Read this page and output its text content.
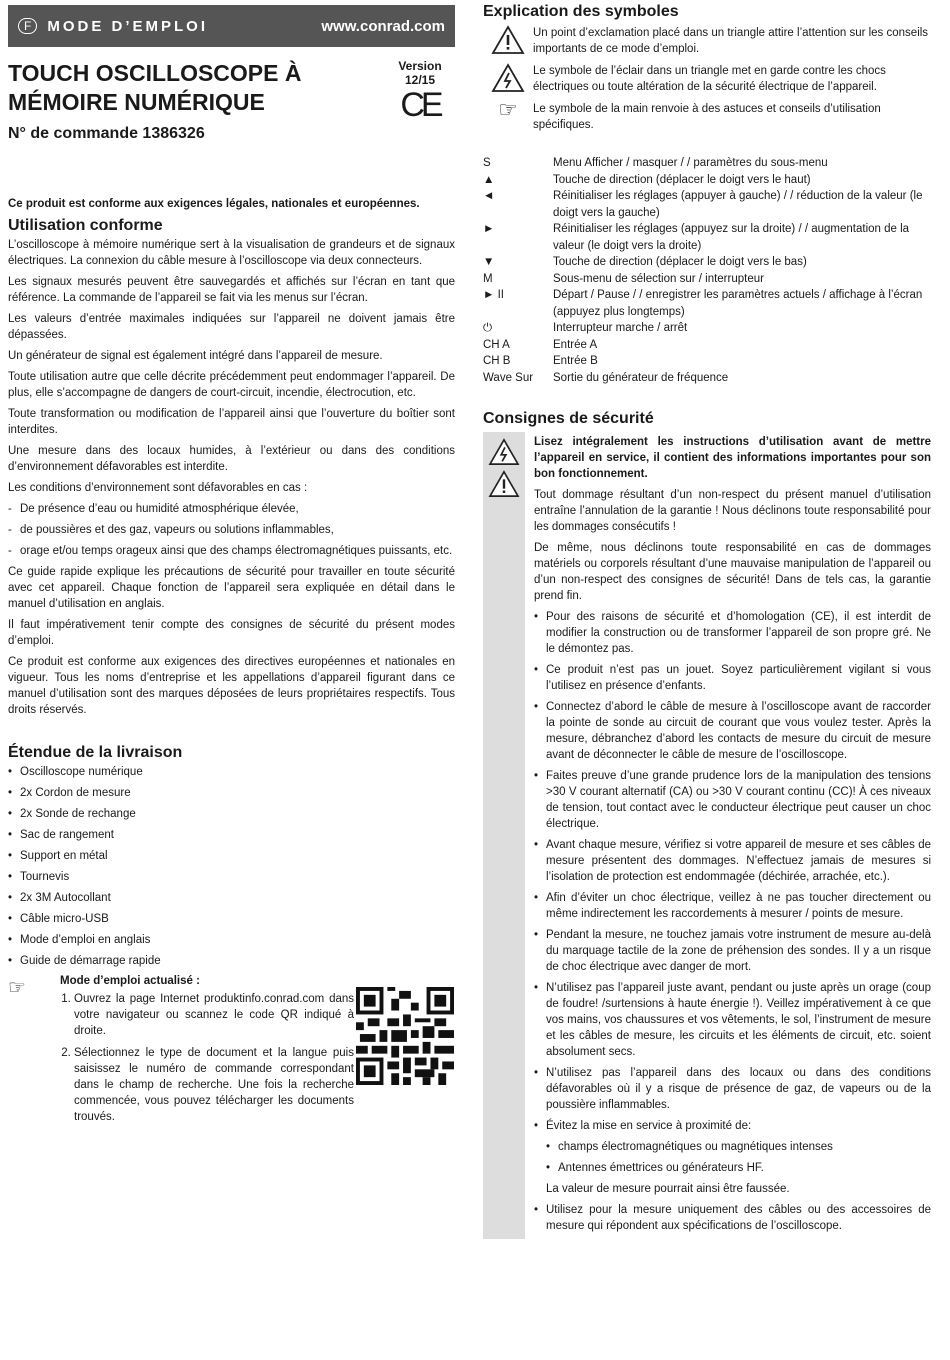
F	MODE D’EMPLOI	www.conrad.com
TOUCH OSCILLOSCOPE À
MÉMOIRE NUMÉRIQUE
Version 12/15
CE
N° de commande 1386326

Ce produit est conforme aux exigences légales, nationales et européennes.

Utilisation conforme

L’oscilloscope à mémoire numérique sert à la visualisation de grandeurs et de signaux électriques. La connexion du câble mesure à l’oscilloscope via deux connecteurs.

Les signaux mesurés peuvent être sauvegardés et affichés sur l’écran en tant que référence. La commande de l’appareil se fait via les menus sur l’écran.

Les valeurs d’entrée maximales indiquées sur l’appareil ne doivent jamais être dépassées.

Un générateur de signal est également intégré dans l’appareil de mesure.

Toute utilisation autre que celle décrite précédemment peut endommager l’appareil. De plus, elle s’accompagne de dangers de court-circuit, incendie, électrocution, etc.

Toute transformation ou modification de l’appareil ainsi que l’ouverture du boîtier sont interdites.

Une mesure dans des locaux humides, à l’extérieur ou dans des conditions d’environnement défavorables est interdite.

Les conditions d’environnement sont défavorables en cas :

- De présence d’eau ou humidité atmosphérique élevée,
- de poussières et des gaz, vapeurs ou solutions inflammables,
- orage et/ou temps orageux ainsi que des champs électromagnétiques puissants, etc.

Ce guide rapide explique les précautions de sécurité pour travailler en toute sécurité avec cet appareil. Chaque fonction de l’appareil sera expliquée en détail dans le manuel d’utilisation en anglais.

Il faut impérativement tenir compte des consignes de sécurité du présent modes d’emploi.

Ce produit est conforme aux exigences des directives européennes et nationales en vigueur. Tous les noms d’entreprise et les appellations d’appareil figurant dans ce manuel d’utilisation sont des marques déposées de leurs propriétaires respectifs. Tous droits réservés.

Étendue de la livraison
• Oscilloscope numérique
• 2x Cordon de mesure
• 2x Sonde de rechange
• Sac de rangement
• Support en métal
• Tournevis
• 2x 3M Autocollant
• Câble micro-USB
• Mode d’emploi en anglais
• Guide de démarrage rapide
☞	Mode d’emploi actualisé :
1. Ouvrez la page Internet produktinfo.conrad.com dans votre navigateur ou scannez le code QR indiqué à droite.
2. Sélectionnez le type de document et la langue puis saisissez le numéro de commande correspondant dans le champ de recherche. Une fois la recherche commencée, vous pouvez télécharger les documents trouvés.
Explication des symboles
Un point d’exclamation placé dans un triangle attire l’attention sur les conseils importants de ce mode d’emploi.
Le symbole de l’éclair dans un triangle met en garde contre les chocs électriques ou toute altération de la sécurité électrique de l’appareil.
☞	Le symbole de la main renvoie à des astuces et conseils d’utilisation spécifiques.
S	Menu Afficher / masquer / / paramètres du sous-menu
▲	Touche de direction (déplacer le doigt vers le haut)
◄	Réinitialiser les réglages (appuyer à gauche) / / réduction de la valeur (le doigt vers la gauche)
►	Réinitialiser les réglages (appuyez sur la droite) / / augmentation de la valeur (le doigt vers la droite)
▼	Touche de direction (déplacer le doigt vers le bas)
M	Sous-menu de sélection sur / interrupteur
► II	Départ / Pause / / enregistrer les paramètres actuels / affichage à l’écran (appuyez plus longtemps)
⏻	Interrupteur marche / arrêt
CH A	Entrée A
CH B	Entrée B
Wave Sur	Sortie du générateur de fréquence
Consignes de sécurité

Lisez intégralement les instructions d’utilisation avant de mettre l’appareil en service, il contient des informations importantes pour son bon fonctionnement.

Tout dommage résultant d’un non-respect du présent manuel d’utilisation entraîne l’annulation de la garantie ! Nous déclinons toute responsabilité pour les dommages consécutifs !

De même, nous déclinons toute responsabilité en cas de dommages matériels ou corporels résultant d’une mauvaise manipulation de l’appareil ou d’un non-respect des consignes de sécurité! Dans de tels cas, la garantie prend fin.

• Pour des raisons de sécurité et d’homologation (CE), il est interdit de modifier la construction ou de transformer l’appareil de son propre gré. Ne le démontez pas.
• Ce produit n’est pas un jouet. Soyez particulièrement vigilant si vous l’utilisez en présence d’enfants.
• Connectez d’abord le câble de mesure à l’oscilloscope avant de raccorder la pointe de sonde au circuit de courant que vous voulez tester. Après la mesure, débranchez d’abord les contacts de mesure du circuit de mesure avant de déconnecter le câble de mesure de l’oscilloscope.
• Faites preuve d’une grande prudence lors de la manipulation des tensions >30 V courant alternatif (CA) ou >30 V courant continu (CC)! À ces niveaux de tension, tout contact avec le conducteur électrique peut causer un choc électrique.
• Avant chaque mesure, vérifiez si votre appareil de mesure et ses câbles de mesure présentent des dommages. N’effectuez jamais de mesures si l’isolation de protection est endommagée (déchirée, arrachée, etc.).
• Afin d’éviter un choc électrique, veillez à ne pas toucher directement ou même indirectement les raccordements à mesurer / points de mesure.
• Pendant la mesure, ne touchez jamais votre instrument de mesure au-delà du marquage tactile de la zone de préhension des sondes. Il y a un risque de choc électrique avec danger de mort.
• N’utilisez pas l’appareil juste avant, pendant ou juste après un orage (coup de foudre! /surtensions à haute énergie !). Veillez impérativement à ce que vos mains, vos chaussures et vos vêtements, le sol, l’instrument de mesure et les câbles de mesure, les circuits et les éléments de circuit, etc. soient absolument secs.
• N’utilisez pas l’appareil dans des locaux ou dans des conditions défavorables où il y a risque de présence de gaz, de vapeurs ou de la poussière inflammables.
• Évitez la mise en service à proximité de:
• champs électromagnétiques ou magnétiques intenses
• Antennes émettrices ou générateurs HF.
La valeur de mesure pourrait ainsi être faussée.
• Utilisez pour la mesure uniquement des câbles ou des accessoires de mesure qui répondent aux spécifications de l’oscilloscope.
